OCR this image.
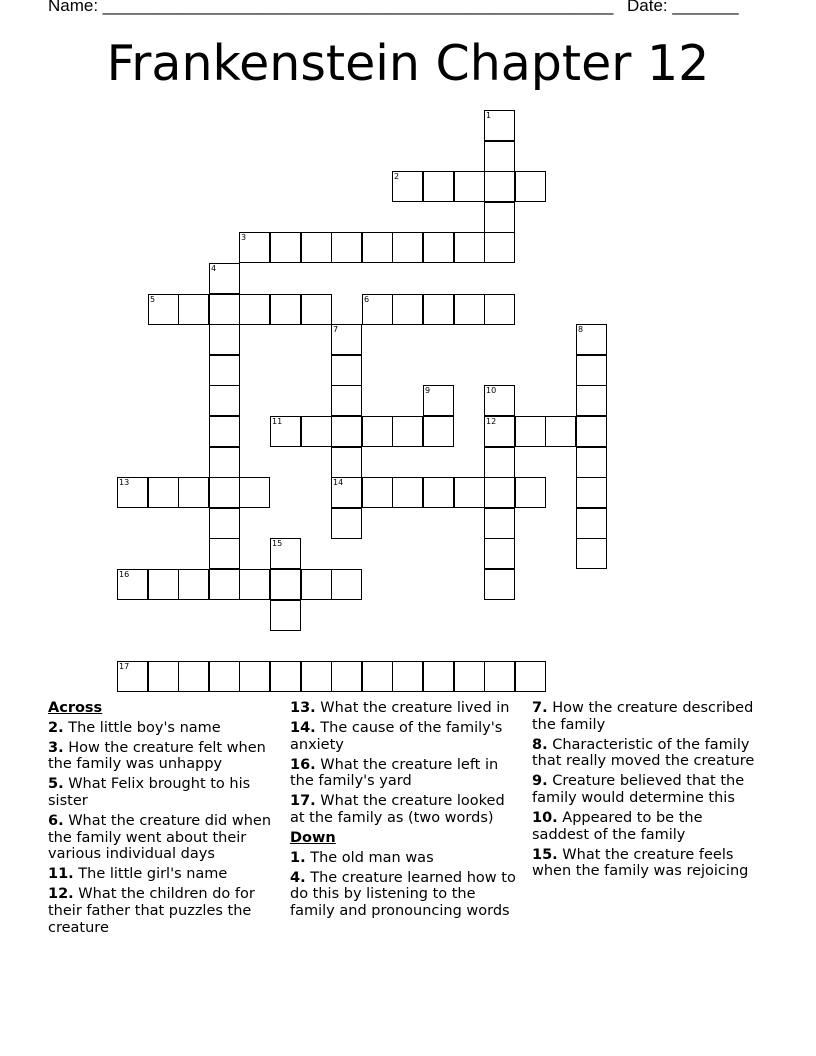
Name: ______________________________________________________ Date: _______
Frankenstein Chapter 12
1
2
3
4
5	6
7
14
8
9	10
12
11
13
15
16
17
Across
2. The little boy's name
3. How the creature felt when the family was unhappy
5. What Felix brought to his sister
6. What the creature did when the family went about their various individual days
11. The little girl's name
12. What the children do for their father that puzzles the creature
13. What the creature lived in
14. The cause of the family's anxiety
16. What the creature left in the family's yard
17. What the creature looked at the family as (two words)
Down
1. The old man was
4. The creature learned how to do this by listening to the family and pronouncing words
7. How the creature described the family
8. Characteristic of the family that really moved the creature
9. Creature believed that the family would determine this
10. Appeared to be the saddest of the family
15. What the creature feels when the family was rejoicing
